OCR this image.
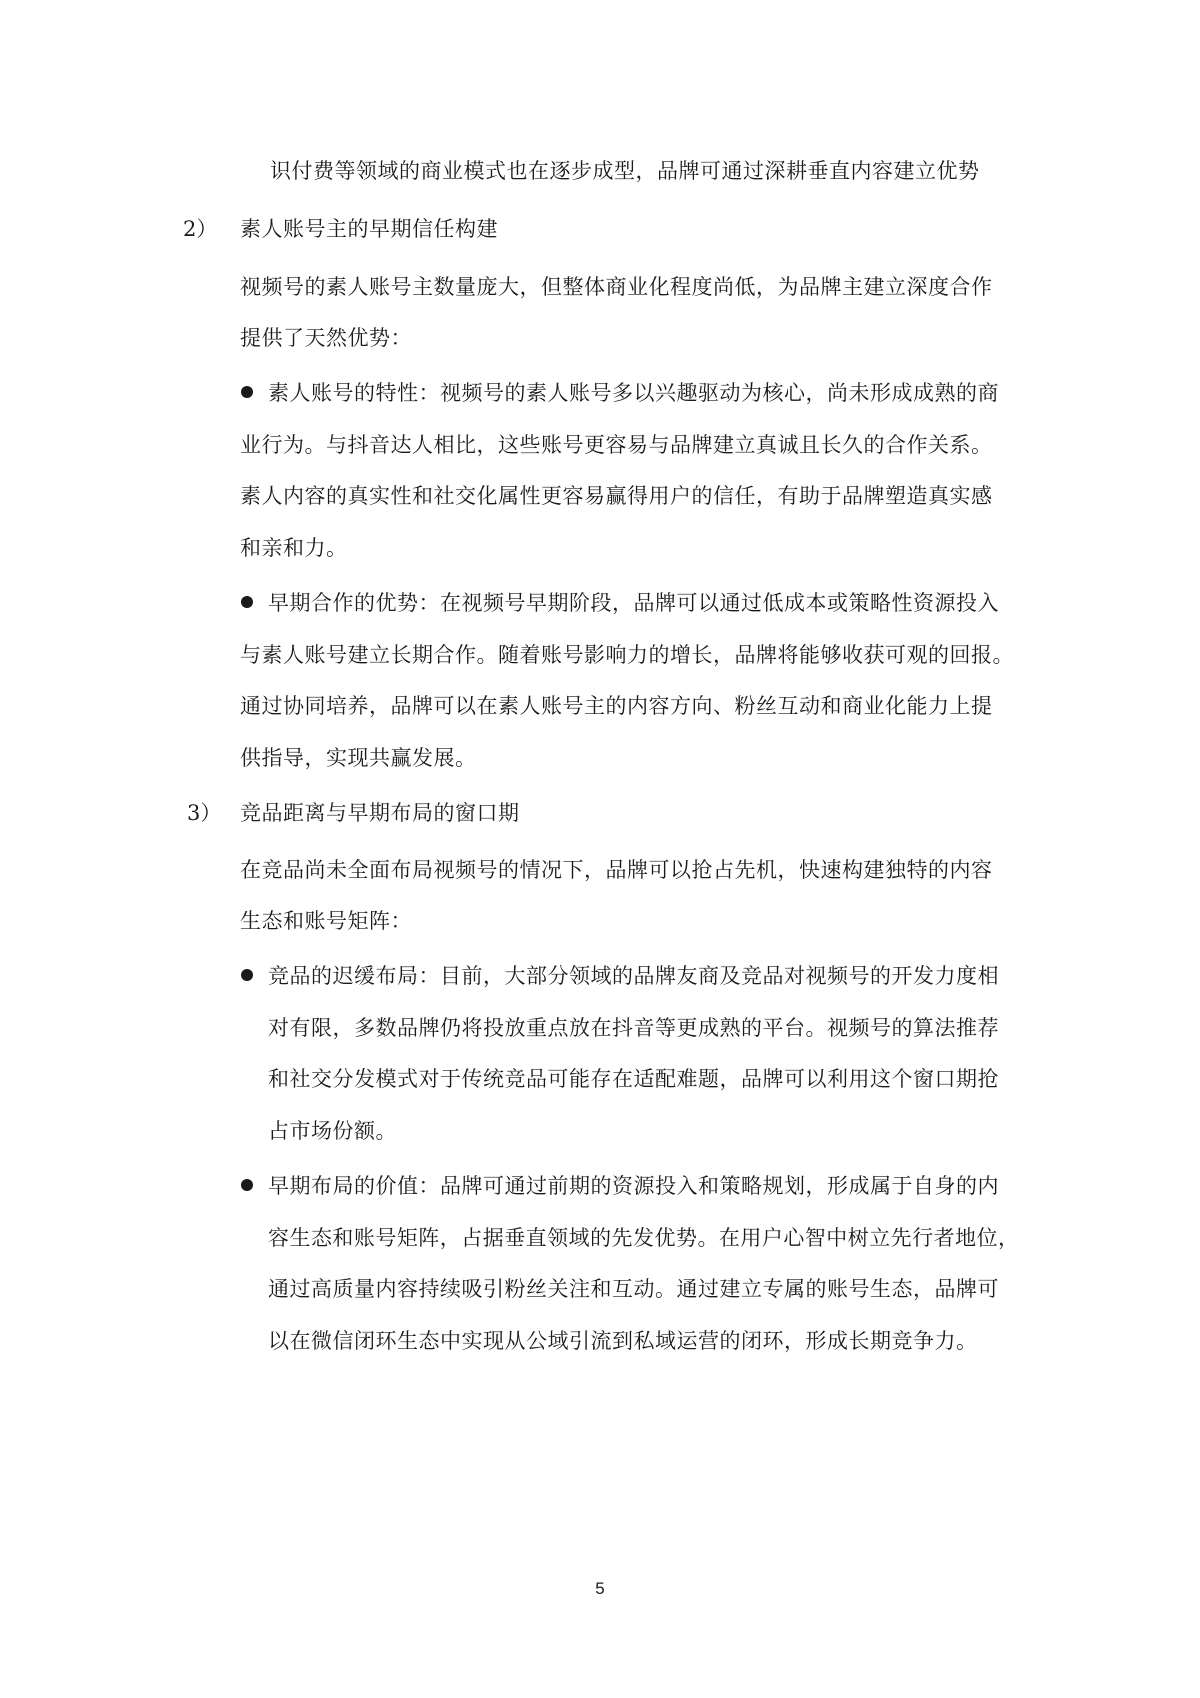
识付费等领域的商业模式也在逐步成型，品牌可通过深耕垂直内容建立优势
2） 素人账号主的早期信任构建
视频号的素人账号主数量庞大，但整体商业化程度尚低，为品牌主建立深度合作
提供了天然优势：
素人账号的特性：视频号的素人账号多以兴趣驱动为核心，尚未形成成熟的商
业行为。与抖音达人相比，这些账号更容易与品牌建立真诚且长久的合作关系。
素人内容的真实性和社交化属性更容易赢得用户的信任，有助于品牌塑造真实感
和亲和力。
早期合作的优势：在视频号早期阶段，品牌可以通过低成本或策略性资源投入
与素人账号建立长期合作。随着账号影响力的增长，品牌将能够收获可观的回报。
通过协同培养，品牌可以在素人账号主的内容方向、粉丝互动和商业化能力上提
供指导，实现共赢发展。
3） 竞品距离与早期布局的窗口期
在竞品尚未全面布局视频号的情况下，品牌可以抢占先机，快速构建独特的内容
生态和账号矩阵：
竞品的迟缓布局：目前，大部分领域的品牌友商及竞品对视频号的开发力度相
对有限，多数品牌仍将投放重点放在抖音等更成熟的平台。视频号的算法推荐
和社交分发模式对于传统竞品可能存在适配难题，品牌可以利用这个窗口期抢
占市场份额。
早期布局的价值：品牌可通过前期的资源投入和策略规划，形成属于自身的内
容生态和账号矩阵，占据垂直领域的先发优势。在用户心智中树立先行者地位，
通过高质量内容持续吸引粉丝关注和互动。通过建立专属的账号生态，品牌可
以在微信闭环生态中实现从公域引流到私域运营的闭环，形成长期竞争力。
5
